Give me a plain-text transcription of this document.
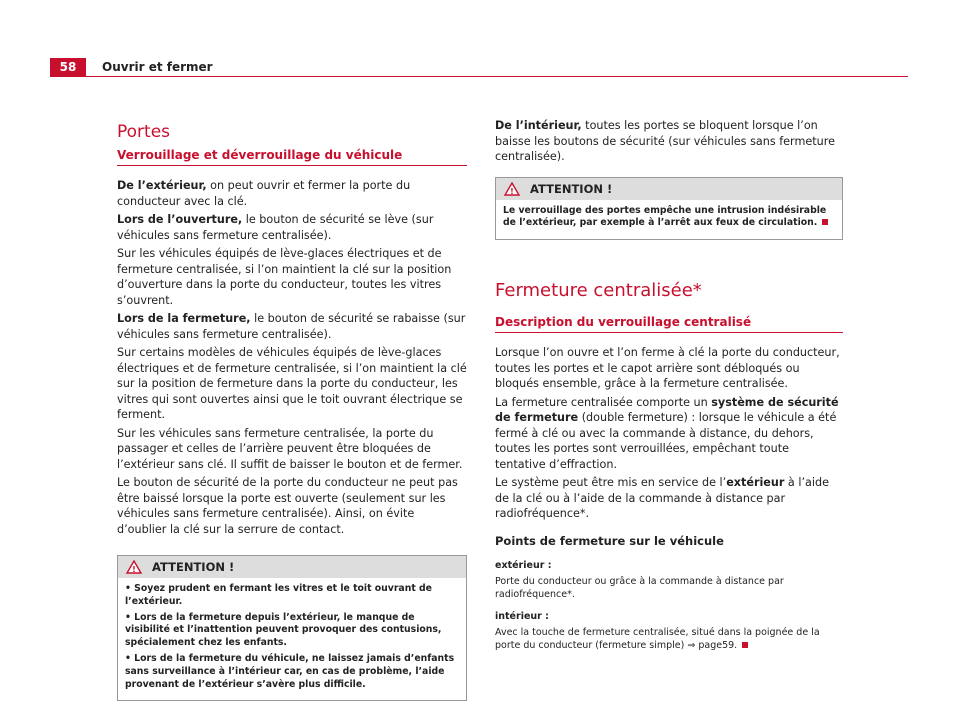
58	Ouvrir et fermer
Portes
Verrouillage et déverrouillage du véhicule

De l’extérieur, on peut ouvrir et fermer la porte du conducteur avec la clé.

Lors de l’ouverture, le bouton de sécurité se lève (sur véhicules sans fermeture centralisée).

Sur les véhicules équipés de lève-glaces électriques et de fermeture centralisée, si l’on maintient la clé sur la position d’ouverture dans la porte du conducteur, toutes les vitres s’ouvrent.

Lors de la fermeture, le bouton de sécurité se rabaisse (sur véhicules sans fermeture centralisée).

Sur certains modèles de véhicules équipés de lève-glaces électriques et de fermeture centralisée, si l’on maintient la clé sur la position de fermeture dans la porte du conducteur, les vitres qui sont ouvertes ainsi que le toit ouvrant électrique se ferment.

Sur les véhicules sans fermeture centralisée, la porte du passager et celles de l’arrière peuvent être bloquées de l’extérieur sans clé. Il suffit de baisser le bouton et de fermer.

Le bouton de sécurité de la porte du conducteur ne peut pas être baissé lorsque la porte est ouverte (seulement sur les véhicules sans fermeture centralisée). Ainsi, on évite d’oublier la clé sur la serrure de contact.

! ATTENTION !

• Soyez prudent en fermant les vitres et le toit ouvrant de l’extérieur.

• Lors de la fermeture depuis l’extérieur, le manque de visibilité et l’inattention peuvent provoquer des contusions, spécialement chez les enfants.

• Lors de la fermeture du véhicule, ne laissez jamais d’enfants sans surveillance à l’intérieur car, en cas de problème, l’aide provenant de l’extérieur s’avère plus difficile.

De l’intérieur, toutes les portes se bloquent lorsque l’on baisse les boutons de sécurité (sur véhicules sans fermeture centralisée).

! ATTENTION !

Le verrouillage des portes empêche une intrusion indésirable de l’extérieur, par exemple à l’arrêt aux feux de circulation.

Fermeture centralisée*
Description du verrouillage centralisé

Lorsque l’on ouvre et l’on ferme à clé la porte du conducteur, toutes les portes et le capot arrière sont débloqués ou bloqués ensemble, grâce à la fermeture centralisée.

La fermeture centralisée comporte un système de sécurité de fermeture (double fermeture) : lorsque le véhicule a été fermé à clé ou avec la commande à distance, du dehors, toutes les portes sont verrouillées, empêchant toute tentative d’effraction.

Le système peut être mis en service de l’extérieur à l’aide de la clé ou à l’aide de la commande à distance par radiofréquence*.

Points de fermeture sur le véhicule
extérieur :

Porte du conducteur ou grâce à la commande à distance par radiofréquence*.

intérieur :

Avec la touche de fermeture centralisée, situé dans la poignée de la porte du conducteur (fermeture simple) ⇒ page59.
